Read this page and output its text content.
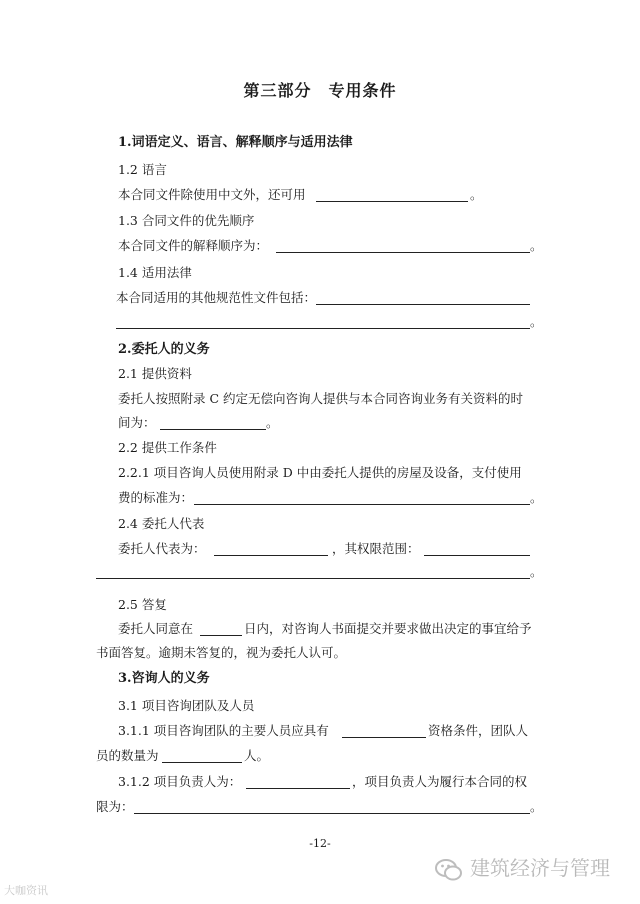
第三部分　专用条件
1.词语定义、语言、解释顺序与适用法律
1.2 语言
本合同文件除使用中文外，还可用	。
1.3 合同文件的优先顺序
本合同文件的解释顺序为：	。
1.4 适用法律
本合同适用的其他规范性文件包括：
。
2.委托人的义务
2.1 提供资料
委托人按照附录 C 约定无偿向咨询人提供与本合同咨询业务有关资料的时
间为：	。
2.2 提供工作条件
2.2.1 项目咨询人员使用附录 D 中由委托人提供的房屋及设备，支付使用
费的标准为：	。
2.4 委托人代表
委托人代表为：	，其权限范围：
。
2.5 答复
委托人同意在	日内，对咨询人书面提交并要求做出决定的事宜给予
书面答复。逾期未答复的，视为委托人认可。
3.咨询人的义务
3.1 项目咨询团队及人员
3.1.1 项目咨询团队的主要人员应具有	资格条件，团队人
员的数量为	人。
3.1.2 项目负责人为：	，项目负责人为履行本合同的权
限为：	。
-12-
建筑经济与管理
大咖资讯
